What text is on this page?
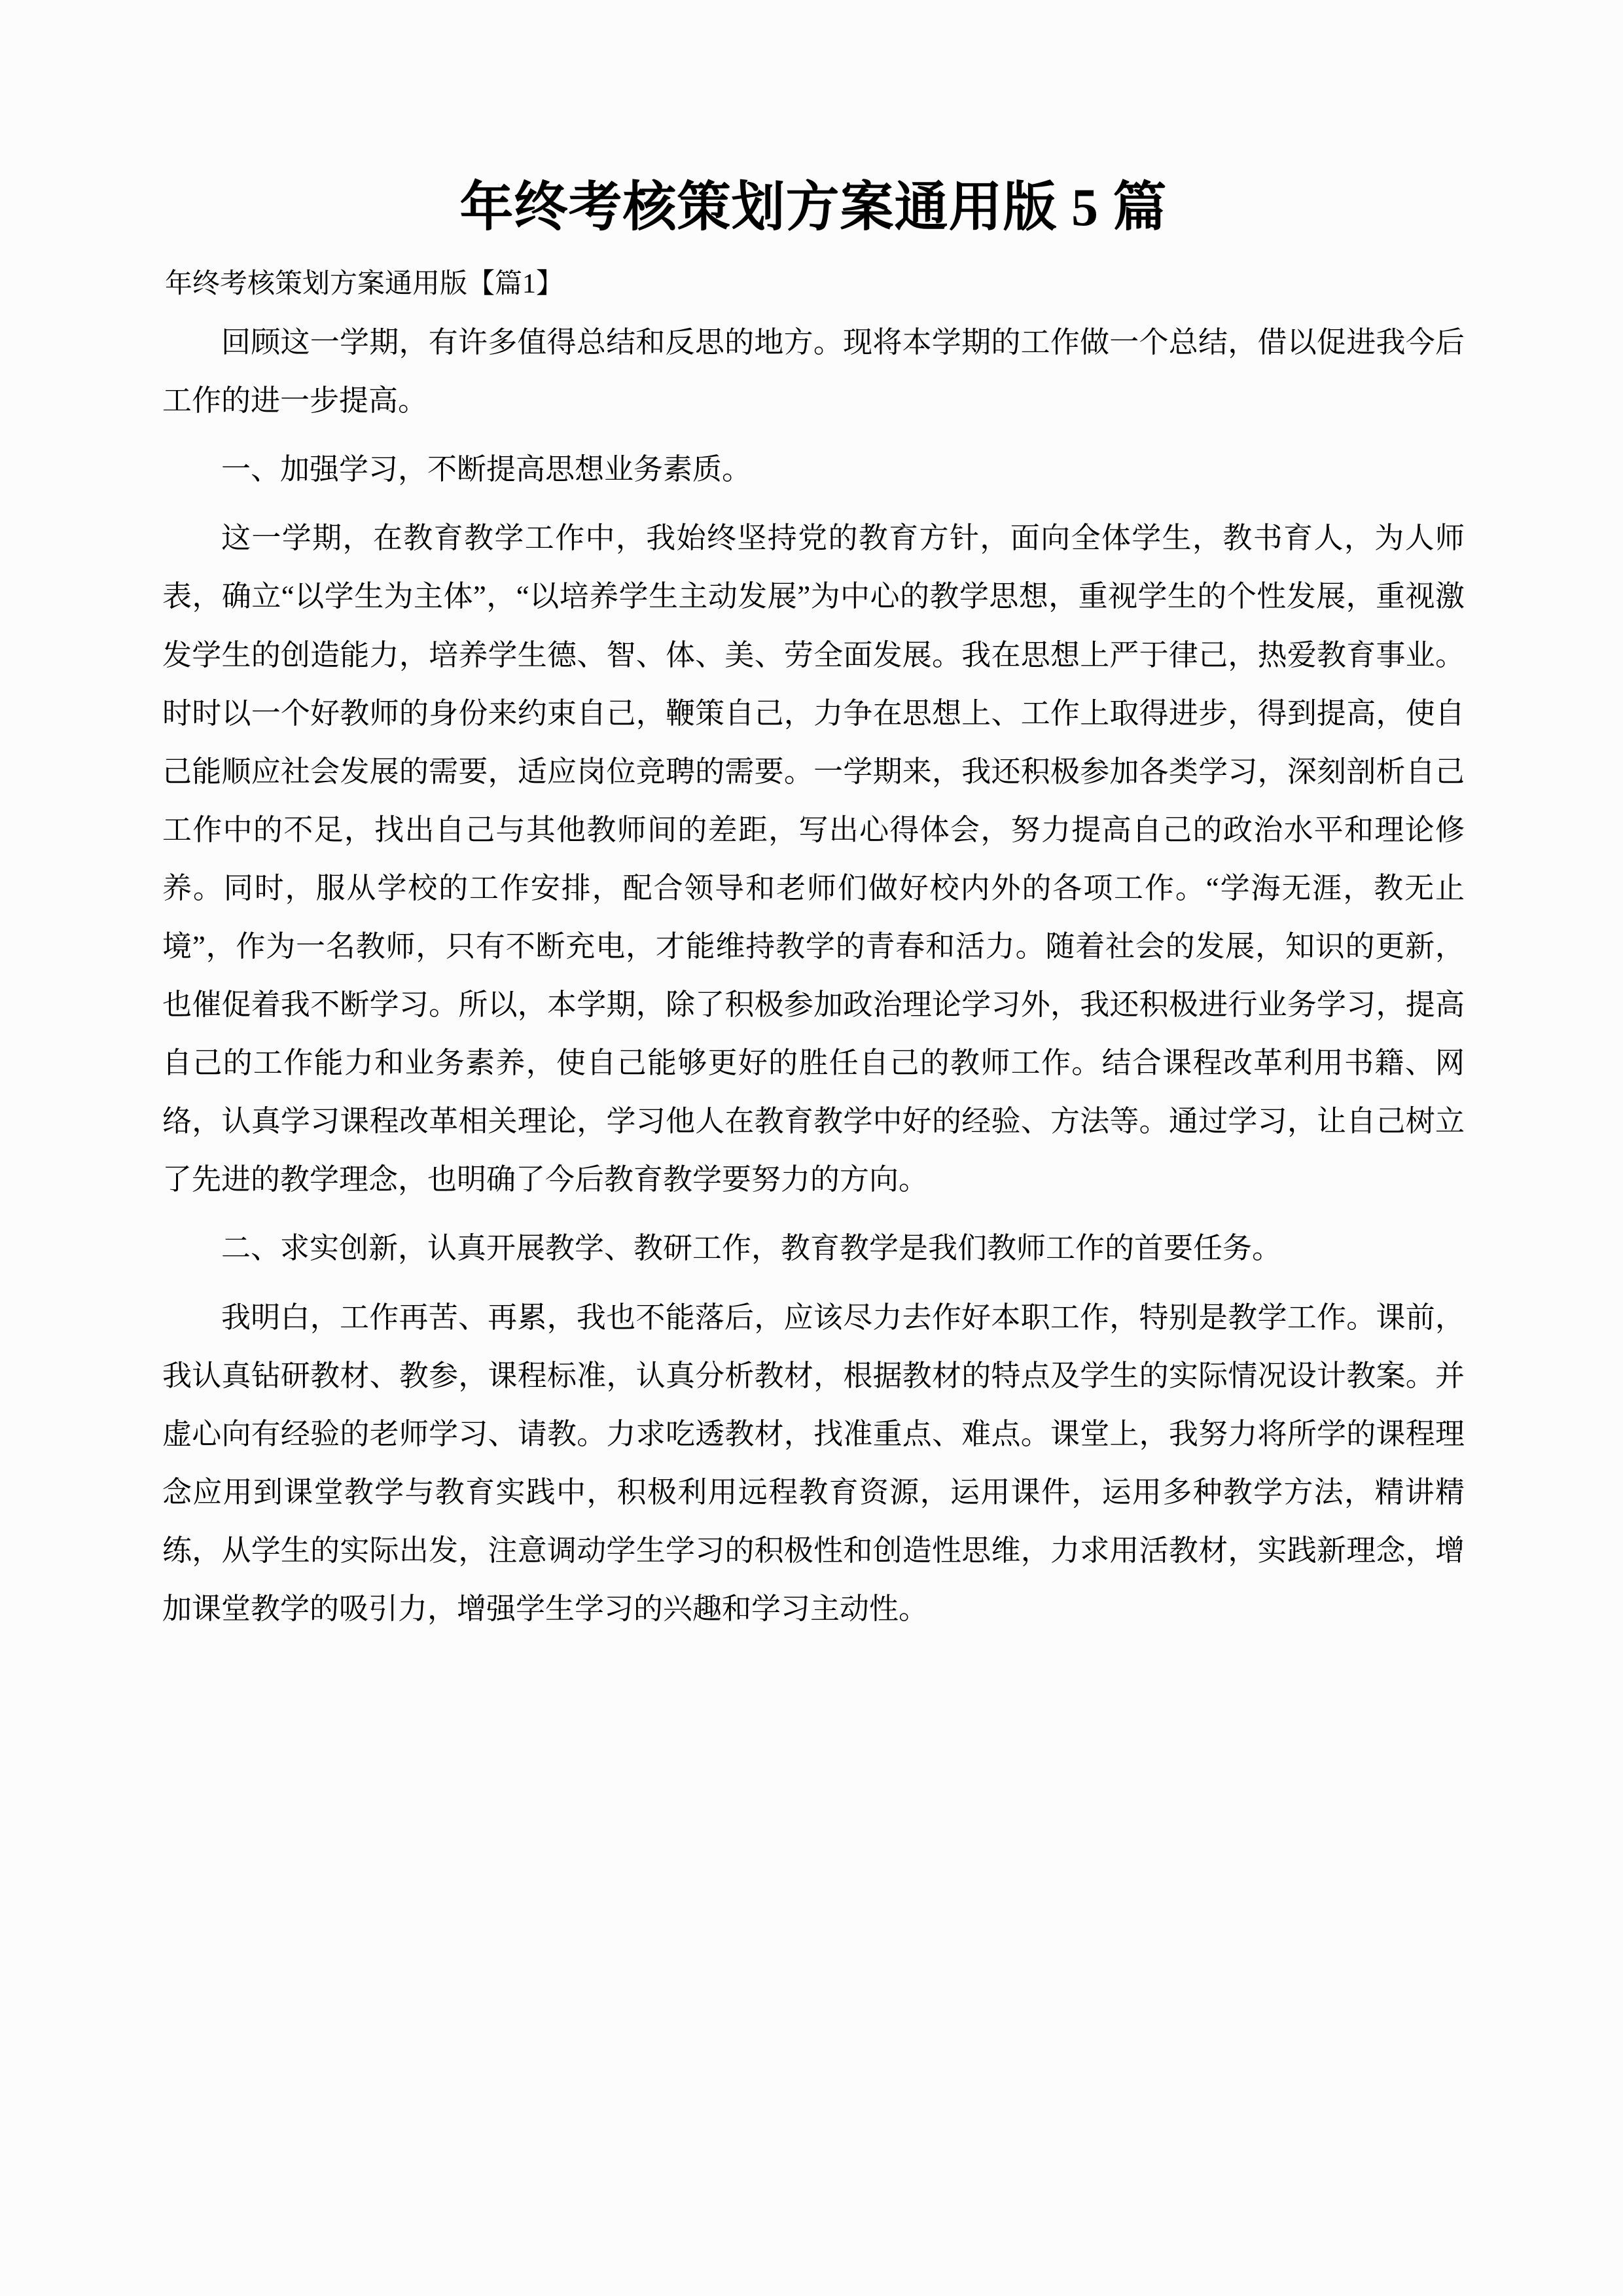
年终考核策划方案通用版 5 篇

年终考核策划方案通用版【篇1】

回顾这一学期，有许多值得总结和反思的地方。现将本学期的工作做一个总结，借以促进我今后工作的进一步提高。

一、加强学习，不断提高思想业务素质。

这一学期，在教育教学工作中，我始终坚持党的教育方针，面向全体学生，教书育人，为人师表，确立“以学生为主体”，“以培养学生主动发展”为中心的教学思想，重视学生的个性发展，重视激发学生的创造能力，培养学生德、智、体、美、劳全面发展。我在思想上严于律己，热爱教育事业。时时以一个好教师的身份来约束自己，鞭策自己，力争在思想上、工作上取得进步，得到提高，使自己能顺应社会发展的需要，适应岗位竞聘的需要。一学期来，我还积极参加各类学习，深刻剖析自己工作中的不足，找出自己与其他教师间的差距，写出心得体会，努力提高自己的政治水平和理论修养。同时，服从学校的工作安排，配合领导和老师们做好校内外的各项工作。“学海无涯，教无止境”，作为一名教师，只有不断充电，才能维持教学的青春和活力。随着社会的发展，知识的更新，也催促着我不断学习。所以，本学期，除了积极参加政治理论学习外，我还积极进行业务学习，提高自己的工作能力和业务素养，使自己能够更好的胜任自己的教师工作。结合课程改革利用书籍、网络，认真学习课程改革相关理论，学习他人在教育教学中好的经验、方法等。通过学习，让自己树立了先进的教学理念，也明确了今后教育教学要努力的方向。

二、求实创新，认真开展教学、教研工作，教育教学是我们教师工作的首要任务。

我明白，工作再苦、再累，我也不能落后，应该尽力去作好本职工作，特别是教学工作。课前，我认真钻研教材、教参，课程标准，认真分析教材，根据教材的特点及学生的实际情况设计教案。并虚心向有经验的老师学习、请教。力求吃透教材，找准重点、难点。课堂上，我努力将所学的课程理念应用到课堂教学与教育实践中，积极利用远程教育资源，运用课件，运用多种教学方法，精讲精练，从学生的实际出发，注意调动学生学习的积极性和创造性思维，力求用活教材，实践新理念，增加课堂教学的吸引力，增强学生学习的兴趣和学习主动性。
